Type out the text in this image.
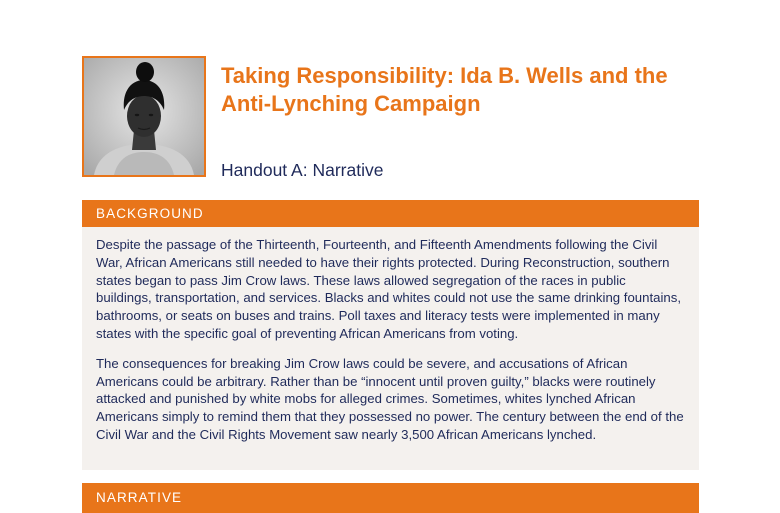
Taking Responsibility: Ida B. Wells and the
Anti-Lynching Campaign
Handout A: Narrative
BACKGROUND

Despite the passage of the Thirteenth, Fourteenth, and Fifteenth Amendments following the Civil War, African Americans still needed to have their rights protected. During Reconstruction, southern states began to pass Jim Crow laws. These laws allowed segregation of the races in public buildings, transportation, and services. Blacks and whites could not use the same drinking fountains, bathrooms, or seats on buses and trains. Poll taxes and literacy tests were implemented in many states with the specific goal of preventing African Americans from voting.

The consequences for breaking Jim Crow laws could be severe, and accusations of African Americans could be arbitrary. Rather than be “innocent until proven guilty,” blacks were routinely attacked and punished by white mobs for alleged crimes. Sometimes, whites lynched African Americans simply to remind them that they possessed no power. The century between the end of the Civil War and the Civil Rights Movement saw nearly 3,500 African Americans lynched.

NARRATIVE
